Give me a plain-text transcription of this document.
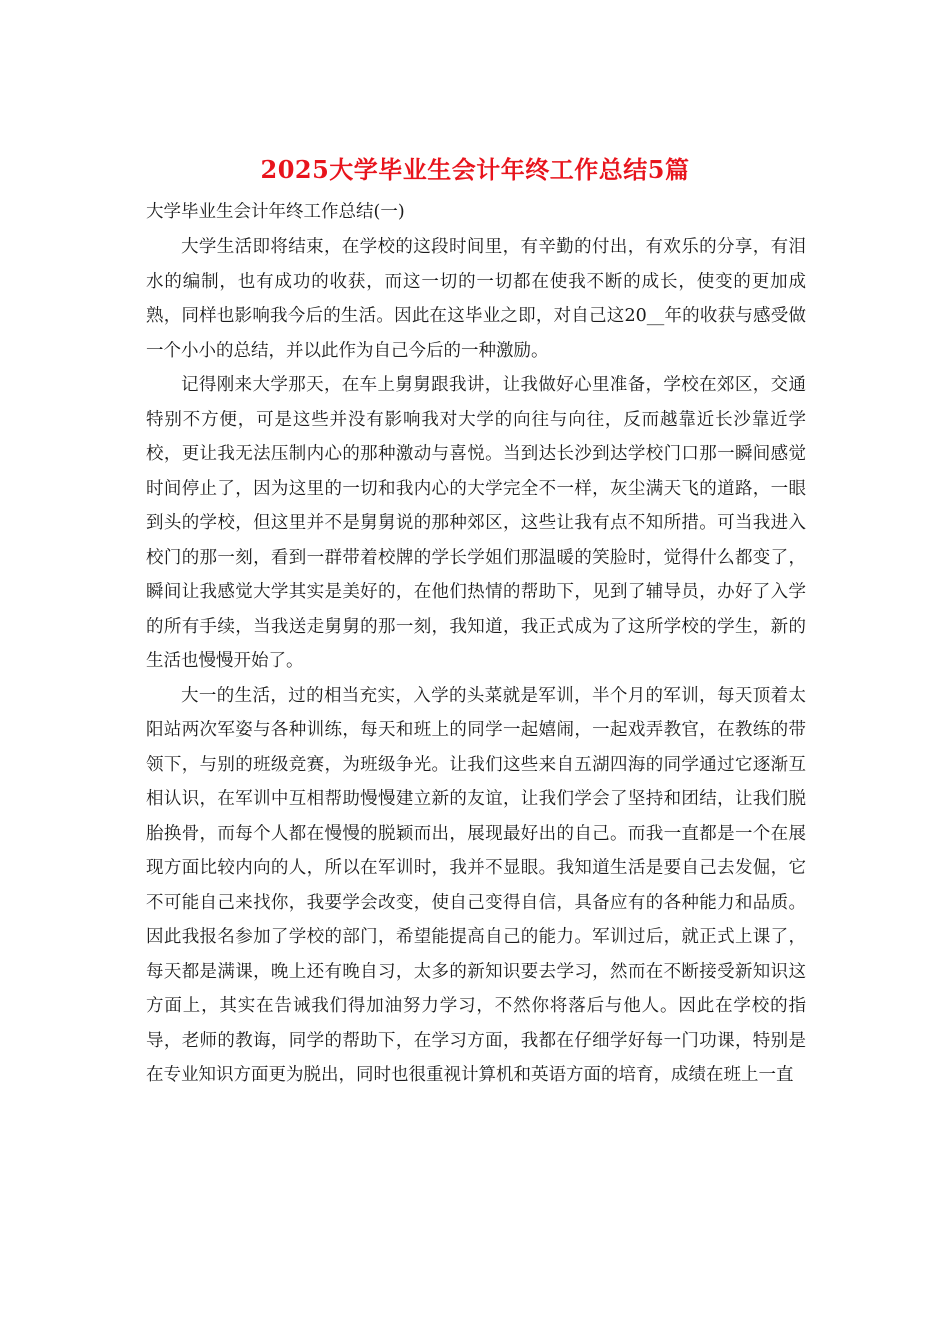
2025大学毕业生会计年终工作总结5篇

大学毕业生会计年终工作总结(一)

大学生活即将结束，在学校的这段时间里，有辛勤的付出，有欢乐的分享，有泪水的编制，也有成功的收获，而这一切的一切都在使我不断的成长，使变的更加成熟，同样也影响我今后的生活。因此在这毕业之即，对自己这20__年的收获与感受做一个小小的总结，并以此作为自己今后的一种激励。

记得刚来大学那天，在车上舅舅跟我讲，让我做好心里准备，学校在郊区，交通特别不方便，可是这些并没有影响我对大学的向往与向往，反而越靠近长沙靠近学校，更让我无法压制内心的那种激动与喜悦。当到达长沙到达学校门口那一瞬间感觉时间停止了，因为这里的一切和我内心的大学完全不一样，灰尘满天飞的道路，一眼到头的学校，但这里并不是舅舅说的那种郊区，这些让我有点不知所措。可当我进入校门的那一刻，看到一群带着校牌的学长学姐们那温暖的笑脸时，觉得什么都变了，瞬间让我感觉大学其实是美好的，在他们热情的帮助下，见到了辅导员，办好了入学的所有手续，当我送走舅舅的那一刻，我知道，我正式成为了这所学校的学生，新的生活也慢慢开始了。

大一的生活，过的相当充实，入学的头菜就是军训，半个月的军训，每天顶着太阳站两次军姿与各种训练，每天和班上的同学一起嬉闹，一起戏弄教官，在教练的带领下，与别的班级竞赛，为班级争光。让我们这些来自五湖四海的同学通过它逐渐互相认识，在军训中互相帮助慢慢建立新的友谊，让我们学会了坚持和团结，让我们脱胎换骨，而每个人都在慢慢的脱颖而出，展现最好出的自己。而我一直都是一个在展现方面比较内向的人，所以在军训时，我并不显眼。我知道生活是要自己去发倔，它不可能自己来找你，我要学会改变，使自己变得自信，具备应有的各种能力和品质。因此我报名参加了学校的部门，希望能提高自己的能力。军训过后，就正式上课了，每天都是满课，晚上还有晚自习，太多的新知识要去学习，然而在不断接受新知识这方面上，其实在告诫我们得加油努力学习，不然你将落后与他人。因此在学校的指导，老师的教诲，同学的帮助下，在学习方面，我都在仔细学好每一门功课，特别是在专业知识方面更为脱出，同时也很重视计算机和英语方面的培育，成绩在班上一直
